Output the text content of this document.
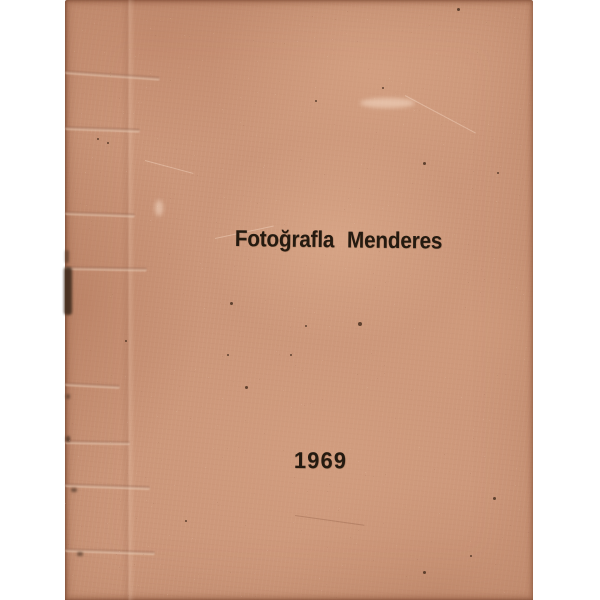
Fotoğrafla Menderes
1969
